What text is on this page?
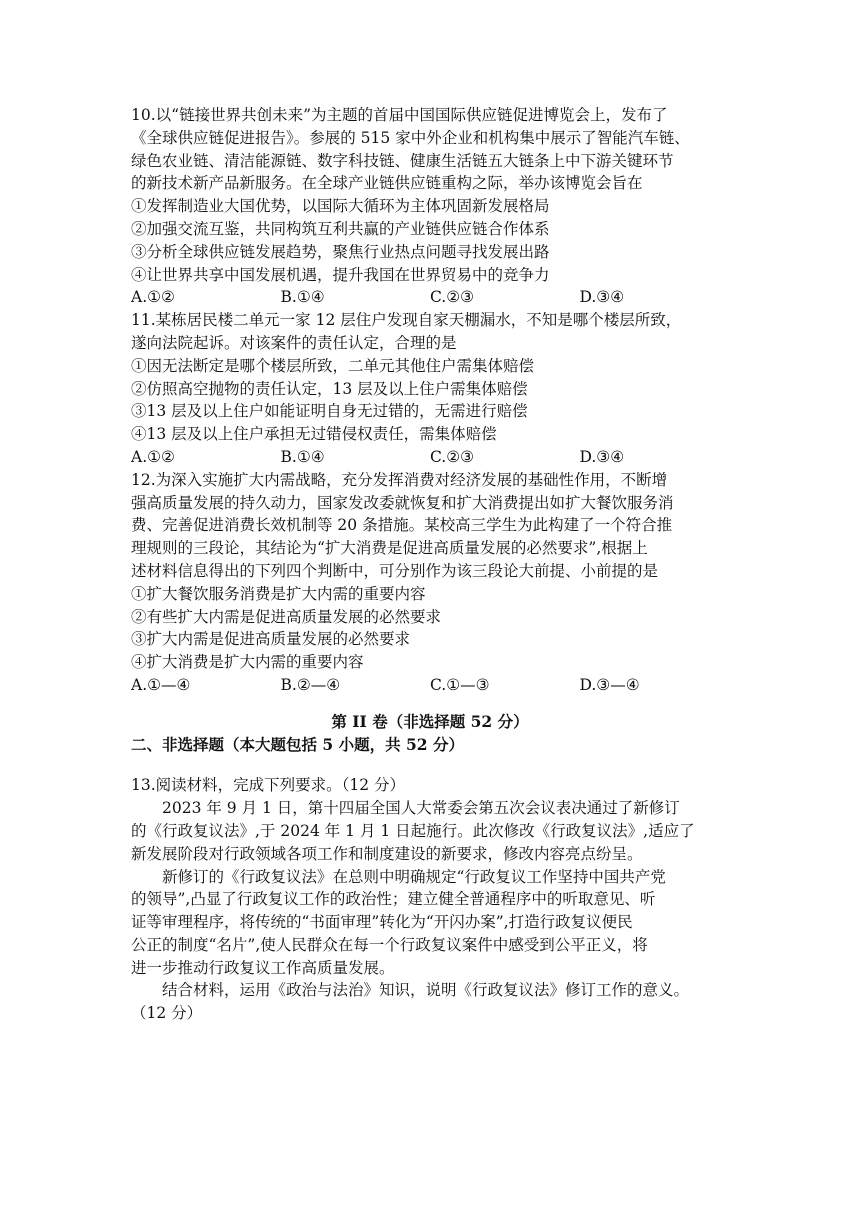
10.以“链接世界共创未来”为主题的首届中国国际供应链促进博览会上，发布了
《全球供应链促进报告》。参展的 515 家中外企业和机构集中展示了智能汽车链、
绿色农业链、清洁能源链、数字科技链、健康生活链五大链条上中下游关键环节
的新技术新产品新服务。在全球产业链供应链重构之际，举办该博览会旨在
①发挥制造业大国优势，以国际大循环为主体巩固新发展格局
②加强交流互鉴，共同构筑互利共赢的产业链供应链合作体系
③分析全球供应链发展趋势，聚焦行业热点问题寻找发展出路
④让世界共享中国发展机遇，提升我国在世界贸易中的竞争力
A.①②	B.①④	C.②③	D.③④
11.某栋居民楼二单元一家 12 层住户发现自家天棚漏水，不知是哪个楼层所致，
遂向法院起诉。对该案件的责任认定，合理的是
①因无法断定是哪个楼层所致，二单元其他住户需集体赔偿
②仿照高空抛物的责任认定，13 层及以上住户需集体赔偿
③13 层及以上住户如能证明自身无过错的，无需进行赔偿
④13 层及以上住户承担无过错侵权责任，需集体赔偿
A.①②	B.①④	C.②③	D.③④
12.为深入实施扩大内需战略，充分发挥消费对经济发展的基础性作用，不断增
强高质量发展的持久动力，国家发改委就恢复和扩大消费提出如扩大餐饮服务消
费、完善促进消费长效机制等 20 条措施。某校高三学生为此构建了一个符合推
理规则的三段论，其结论为“扩大消费是促进高质量发展的必然要求”,根据上
述材料信息得出的下列四个判断中，可分别作为该三段论大前提、小前提的是
①扩大餐饮服务消费是扩大内需的重要内容
②有些扩大内需是促进高质量发展的必然要求
③扩大内需是促进高质量发展的必然要求
④扩大消费是扩大内需的重要内容
A.①—④	B.②—④	C.①—③	D.③—④
第 II 卷（非选择题 52 分）
二、非选择题（本大题包括 5 小题，共 52 分）
13.阅读材料，完成下列要求。（12 分）
2023 年 9 月 1 日，第十四届全国人大常委会第五次会议表决通过了新修订
的《行政复议法》,于 2024 年 1 月 1 日起施行。此次修改《行政复议法》,适应了
新发展阶段对行政领域各项工作和制度建设的新要求，修改内容亮点纷呈。
新修订的《行政复议法》在总则中明确规定“行政复议工作坚持中国共产党
的领导”,凸显了行政复议工作的政治性；建立健全普通程序中的听取意见、听
证等审理程序，将传统的“书面审理”转化为“开闪办案”,打造行政复议便民
公正的制度“名片”,使人民群众在每一个行政复议案件中感受到公平正义，将
进一步推动行政复议工作高质量发展。
结合材料，运用《政治与法治》知识，说明《行政复议法》修订工作的意义。
（12 分）
